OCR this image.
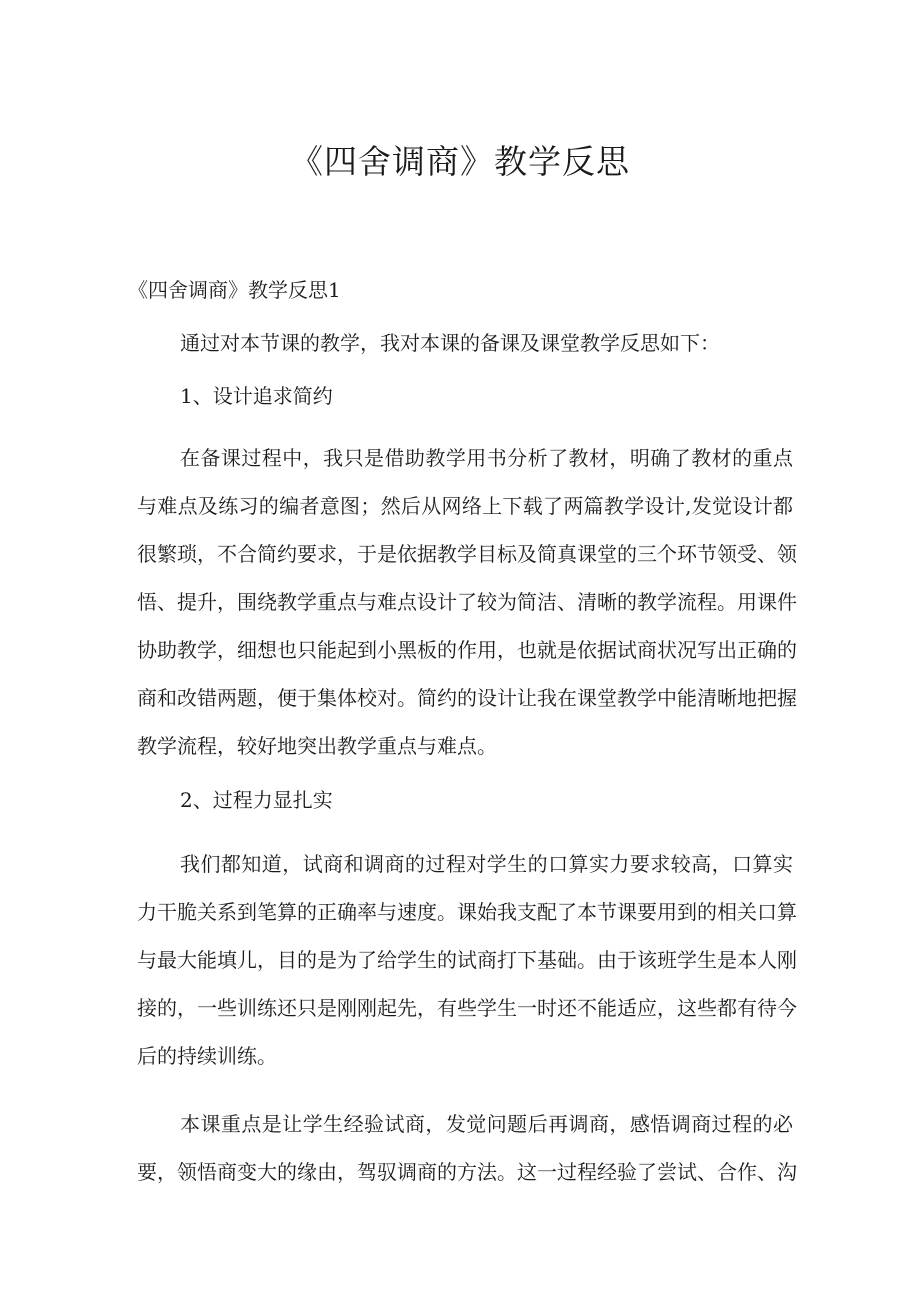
《四舍调商》教学反思

《四舍调商》教学反思1

通过对本节课的教学，我对本课的备课及课堂教学反思如下：

1、设计追求简约

在备课过程中，我只是借助教学用书分析了教材，明确了教材的重点

与难点及练习的编者意图；然后从网络上下载了两篇教学设计,发觉设计都

很繁琐，不合简约要求，于是依据教学目标及简真课堂的三个环节领受、领

悟、提升，围绕教学重点与难点设计了较为简洁、清晰的教学流程。用课件

协助教学，细想也只能起到小黑板的作用，也就是依据试商状况写出正确的

商和改错两题，便于集体校对。简约的设计让我在课堂教学中能清晰地把握

教学流程，较好地突出教学重点与难点。

2、过程力显扎实

我们都知道，试商和调商的过程对学生的口算实力要求较高，口算实

力干脆关系到笔算的正确率与速度。课始我支配了本节课要用到的相关口算

与最大能填儿，目的是为了给学生的试商打下基础。由于该班学生是本人刚

接的，一些训练还只是刚刚起先，有些学生一时还不能适应，这些都有待今

后的持续训练。

本课重点是让学生经验试商，发觉问题后再调商，感悟调商过程的必

要，领悟商变大的缘由，驾驭调商的方法。这一过程经验了尝试、合作、沟
